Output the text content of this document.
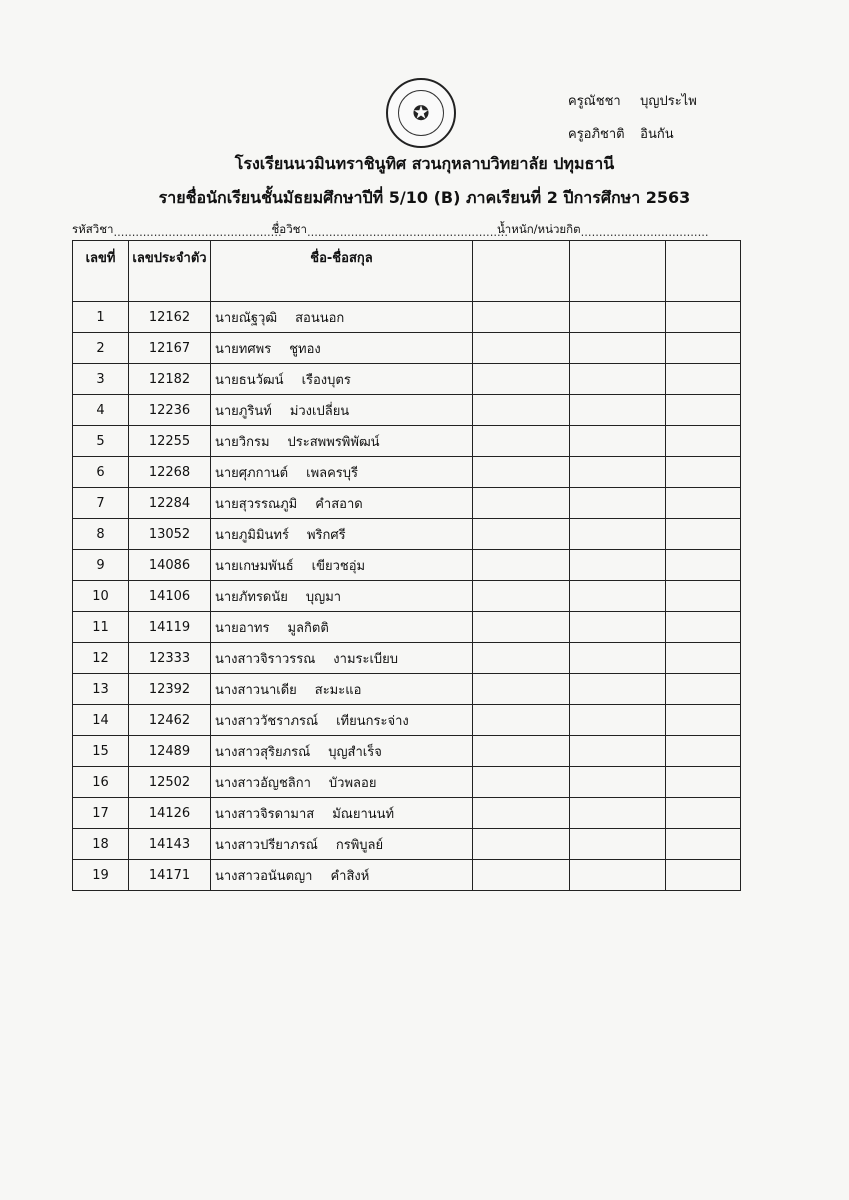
✪	ครูณัชชา บุญประไพ
ครูอภิชาติ อินกัน
โรงเรียนนวมินทราชินูทิศ สวนกุหลาบวิทยาลัย ปทุมธานี
รายชื่อนักเรียนชั้นมัธยมศึกษาปีที่ 5/10 (B) ภาคเรียนที่ 2 ปีการศึกษา 2563
รหัสวิชา..............................................ชื่อวิชา.......................................................น้ำหนัก/หน่วยกิต...................................
เลขที่	เลขประจำตัว	ชื่อ-ชื่อสกุล			
1	12162	นายณัฐวุฒิ สอนนอก			
2	12167	นายทศพร ชูทอง			
3	12182	นายธนวัฒน์ เรืองบุตร			
4	12236	นายภูรินท์ ม่วงเปลี่ยน			
5	12255	นายวิกรม ประสพพรพิพัฒน์			
6	12268	นายศุภกานต์ เพลครบุรี			
7	12284	นายสุวรรณภูมิ คำสอาด			
8	13052	นายภูมิมินทร์ พริกศรี			
9	14086	นายเกษมพันธ์ เขียวชอุ่ม			
10	14106	นายภัทรดนัย บุญมา			
11	14119	นายอาทร มูลกิตติ			
12	12333	นางสาวจิราวรรณ งามระเบียบ			
13	12392	นางสาวนาเดีย สะมะแอ			
14	12462	นางสาววัชราภรณ์ เทียนกระจ่าง			
15	12489	นางสาวสุริยภรณ์ บุญสำเร็จ			
16	12502	นางสาวอัญชลิกา บัวพลอย			
17	14126	นางสาวจิรดามาส มัณยานนท์			
18	14143	นางสาวปรียาภรณ์ กรพิบูลย์			
19	14171	นางสาวอนันตญา คำสิงห์			
